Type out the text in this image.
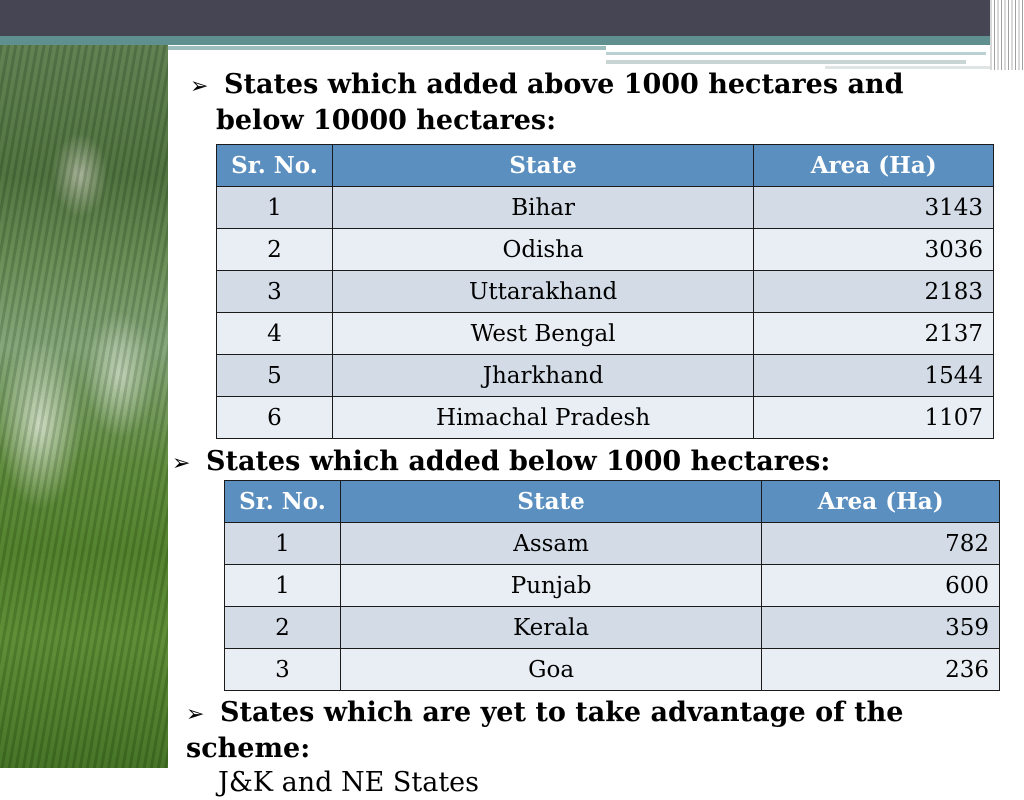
➢ States which added above 1000 hectares and
below 10000 hectares:
Sr. No.	State	Area (Ha)
1	Bihar	3143
2	Odisha	3036
3	Uttarakhand	2183
4	West Bengal	2137
5	Jharkhand	1544
6	Himachal Pradesh	1107
➢ States which added below 1000 hectares:
Sr. No.	State	Area (Ha)
1	Assam	782
1	Punjab	600
2	Kerala	359
3	Goa	236
➢ States which are yet to take advantage of the scheme:
J&K and NE States
